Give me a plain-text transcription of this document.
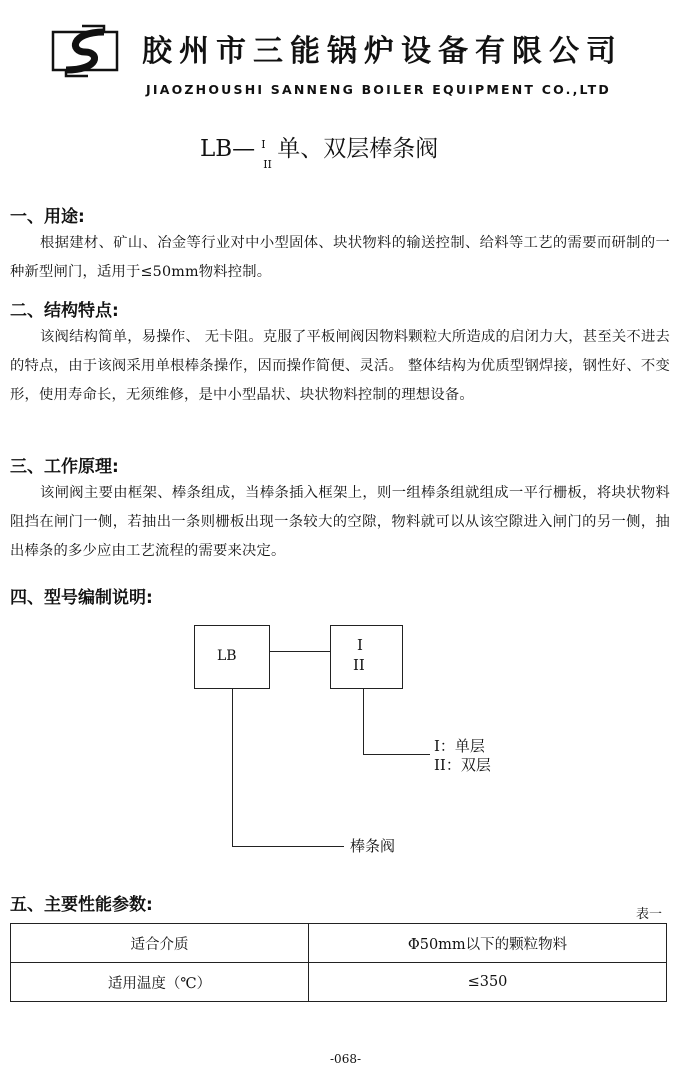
胶州市三能锅炉设备有限公司
JIAOZHOUSHI SANNENG BOILER EQUIPMENT CO.,LTD
LB— I
II
单、双层棒条阀
一、用途:
根据建材、矿山、冶金等行业对中小型固体、块状物料的输送控制、给料等工艺的需要而研制的一种新型闸门，适用于≤50mm物料控制。
二、结构特点:
该阀结构简单，易操作、 无卡阻。克服了平板闸阀因物料颗粒大所造成的启闭力大，甚至关不进去的特点，由于该阀采用单根棒条操作，因而操作简便、灵活。 整体结构为优质型钢焊接，钢性好、不变形，使用寿命长，无须维修，是中小型晶状、块状物料控制的理想设备。
三、工作原理:
该闸阀主要由框架、棒条组成，当棒条插入框架上，则一组棒条组就组成一平行栅板，将块状物料阻挡在闸门一侧，若抽出一条则栅板出现一条较大的空隙，物料就可以从该空隙进入闸门的另一侧，抽出棒条的多少应由工艺流程的需要来决定。
四、型号编制说明:
LB
I
II
I：单层
II：双层
棒条阀
五、主要性能参数:	表一
适合介质	Φ50mm以下的颗粒物料
适用温度（℃）	≤350
-068-
